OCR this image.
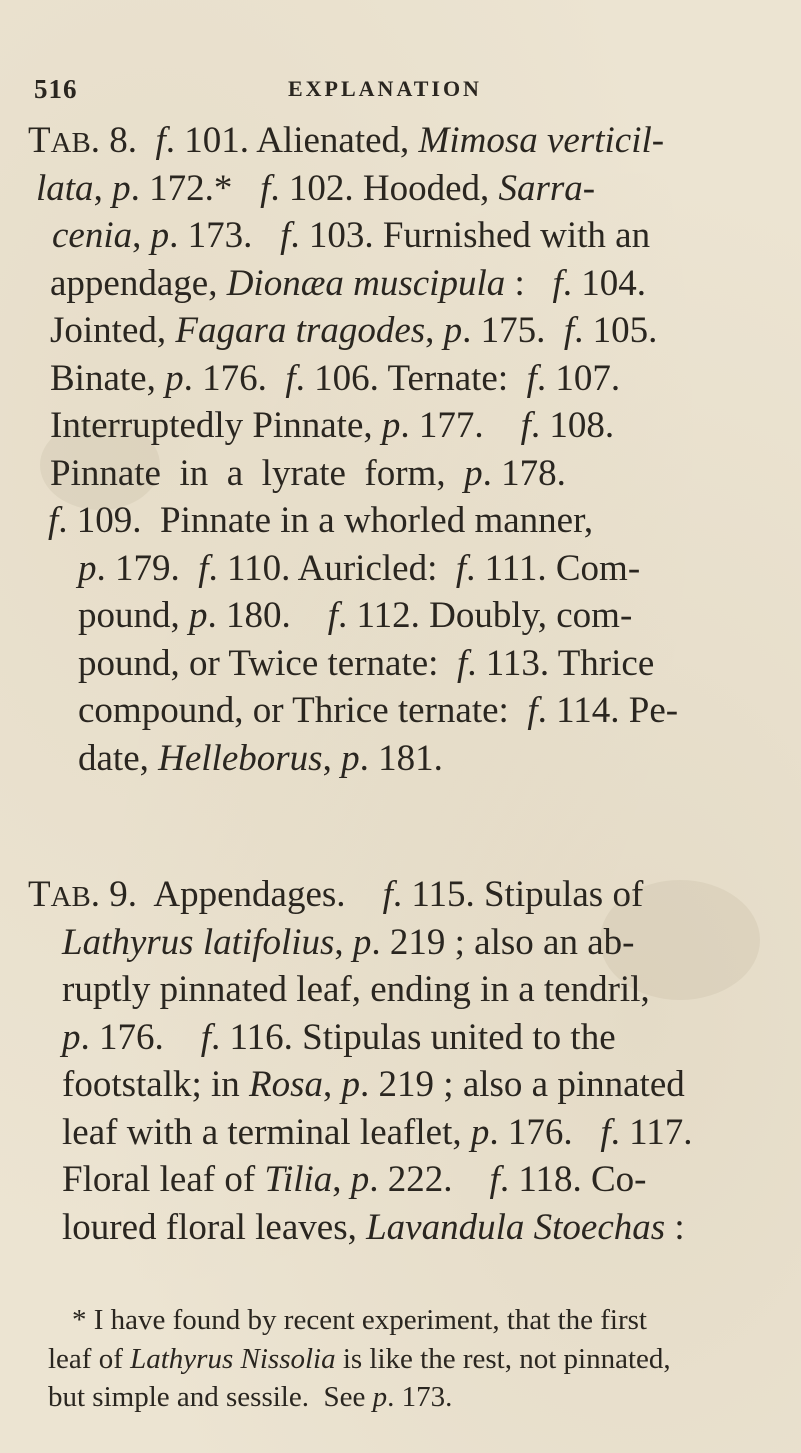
516	EXPLANATION
TAB. 8.  f. 101. Alienated, Mimosa verticil-
lata, p. 172.*   f. 102. Hooded, Sarra-
cenia, p. 173.   f. 103. Furnished with an
appendage, Dionæa muscipula :   f. 104.
Jointed, Fagara tragodes, p. 175.  f. 105.
Binate, p. 176.  f. 106. Ternate:  f. 107.
Interruptedly Pinnate, p. 177.    f. 108.
Pinnate  in  a  lyrate  form,  p. 178.
f. 109.  Pinnate in a whorled manner,
p. 179.  f. 110. Auricled:  f. 111. Com-
pound, p. 180.    f. 112. Doubly, com-
pound, or Twice ternate:  f. 113. Thrice
compound, or Thrice ternate:  f. 114. Pe-
date, Helleborus, p. 181.
TAB. 9.  Appendages.    f. 115. Stipulas of
Lathyrus latifolius, p. 219 ; also an ab-
ruptly pinnated leaf, ending in a tendril,
p. 176.    f. 116. Stipulas united to the
footstalk; in Rosa, p. 219 ; also a pinnated
leaf with a terminal leaflet, p. 176.   f. 117.
Floral leaf of Tilia, p. 222.    f. 118. Co-
loured floral leaves, Lavandula Stoechas :
* I have found by recent experiment, that the first
leaf of Lathyrus Nissolia is like the rest, not pinnated,
but simple and sessile.  See p. 173.
